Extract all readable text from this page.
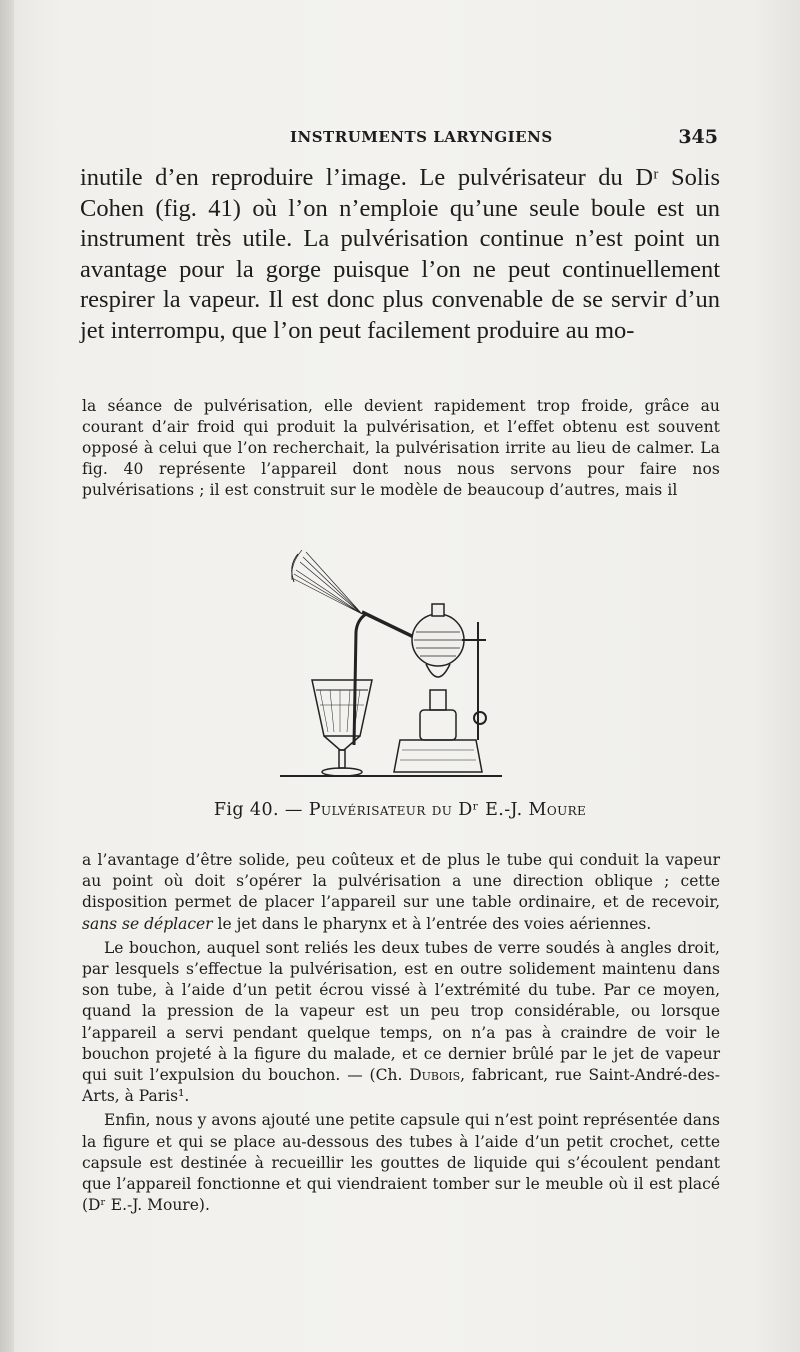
INSTRUMENTS LARYNGIENS	345

inutile d’en reproduire l’image. Le pulvérisateur du Dʳ Solis Cohen (fig. 41) où l’on n’emploie qu’une seule boule est un instrument très utile. La pulvérisation continue n’est point un avantage pour la gorge puisque l’on ne peut continuellement respirer la vapeur. Il est donc plus convenable de se servir d’un jet interrompu, que l’on peut facilement produire au mo-

la séance de pulvérisation, elle devient rapidement trop froide, grâce au courant d’air froid qui produit la pulvérisation, et l’effet obtenu est souvent opposé à celui que l’on recherchait, la pulvérisation irrite au lieu de calmer. La fig. 40 représente l’appareil dont nous nous servons pour faire nos pulvérisations ; il est construit sur le modèle de beaucoup d’autres, mais il

Fig 40. — Pulvérisateur du Dʳ E.-J. Moure

a l’avantage d’être solide, peu coûteux et de plus le tube qui conduit la vapeur au point où doit s’opérer la pulvérisation a une direction oblique ; cette disposition permet de placer l’appareil sur une table ordinaire, et de recevoir, sans se déplacer le jet dans le pharynx et à l’entrée des voies aériennes.

Le bouchon, auquel sont reliés les deux tubes de verre soudés à angles droit, par lesquels s’effectue la pulvérisation, est en outre solidement maintenu dans son tube, à l’aide d’un petit écrou vissé à l’extrémité du tube. Par ce moyen, quand la pression de la vapeur est un peu trop considérable, ou lorsque l’appareil a servi pendant quelque temps, on n’a pas à craindre de voir le bouchon projeté à la figure du malade, et ce dernier brûlé par le jet de vapeur qui suit l’expulsion du bouchon. — (Ch. Dubois, fabricant, rue Saint-André-des-Arts, à Paris¹.

Enfin, nous y avons ajouté une petite capsule qui n’est point représentée dans la figure et qui se place au-dessous des tubes à l’aide d’un petit crochet, cette capsule est destinée à recueillir les gouttes de liquide qui s’écoulent pendant que l’appareil fonctionne et qui viendraient tomber sur le meuble où il est placé (Dʳ E.-J. Moure).
